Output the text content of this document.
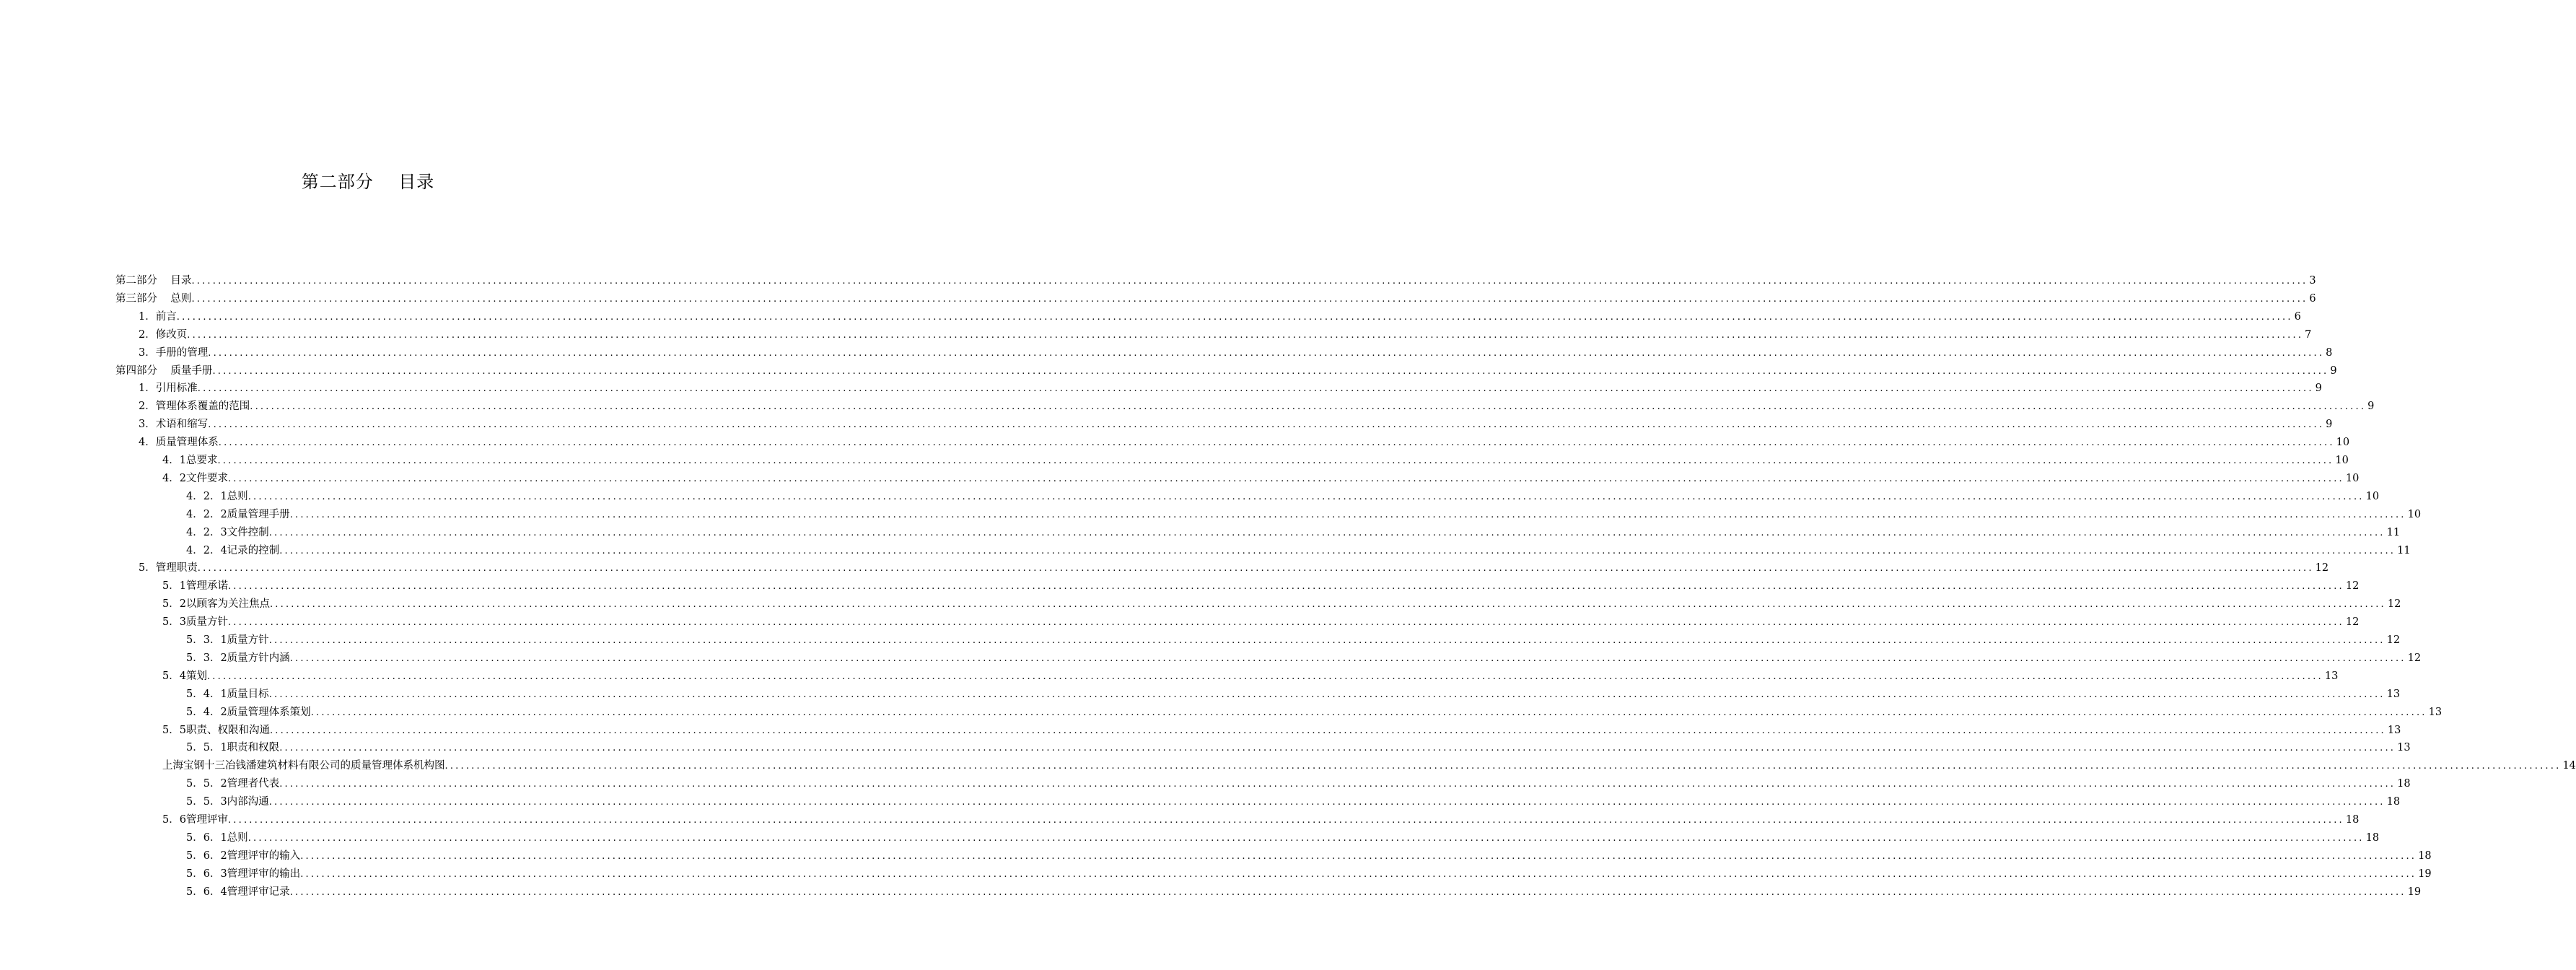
第二部分    目录
第二部分    目录 ................................................................................................................................................................................................................................................................................................................................................................................................................ 3
第三部分    总则 ................................................................................................................................................................................................................................................................................................................................................................................................................ 6
1．前言 ................................................................................................................................................................................................................................................................................................................................................................................................................ 6
2．修改页 ................................................................................................................................................................................................................................................................................................................................................................................................................ 7
3．手册的管理 ................................................................................................................................................................................................................................................................................................................................................................................................................ 8
第四部分    质量手册 ................................................................................................................................................................................................................................................................................................................................................................................................................ 9
1．引用标准 ................................................................................................................................................................................................................................................................................................................................................................................................................ 9
2．管理体系覆盖的范围 ................................................................................................................................................................................................................................................................................................................................................................................................................ 9
3．术语和缩写 ................................................................................................................................................................................................................................................................................................................................................................................................................ 9
4．质量管理体系 ................................................................................................................................................................................................................................................................................................................................................................................................................ 10
4．1总要求 ................................................................................................................................................................................................................................................................................................................................................................................................................ 10
4．2文件要求 ................................................................................................................................................................................................................................................................................................................................................................................................................ 10
4．2．1总则 ................................................................................................................................................................................................................................................................................................................................................................................................................ 10
4．2．2质量管理手册 ................................................................................................................................................................................................................................................................................................................................................................................................................ 10
4．2．3文件控制 ................................................................................................................................................................................................................................................................................................................................................................................................................ 11
4．2．4记录的控制 ................................................................................................................................................................................................................................................................................................................................................................................................................ 11
5．管理职责 ................................................................................................................................................................................................................................................................................................................................................................................................................ 12
5．1管理承诺 ................................................................................................................................................................................................................................................................................................................................................................................................................ 12
5．2以顾客为关注焦点 ................................................................................................................................................................................................................................................................................................................................................................................................................ 12
5．3质量方针 ................................................................................................................................................................................................................................................................................................................................................................................................................ 12
5．3．1质量方针 ................................................................................................................................................................................................................................................................................................................................................................................................................ 12
5．3．2质量方针内涵 ................................................................................................................................................................................................................................................................................................................................................................................................................ 12
5．4策划 ................................................................................................................................................................................................................................................................................................................................................................................................................ 13
5．4．1质量目标 ................................................................................................................................................................................................................................................................................................................................................................................................................ 13
5．4．2质量管理体系策划 ................................................................................................................................................................................................................................................................................................................................................................................................................ 13
5．5职责、权限和沟通 ................................................................................................................................................................................................................................................................................................................................................................................................................ 13
5．5．1职责和权限 ................................................................................................................................................................................................................................................................................................................................................................................................................ 13
上海宝钢十三冶钱潘建筑材料有限公司的质量管理体系机构图 ................................................................................................................................................................................................................................................................................................................................................................................................................ 14
5．5．2管理者代表 ................................................................................................................................................................................................................................................................................................................................................................................................................ 18
5．5．3内部沟通 ................................................................................................................................................................................................................................................................................................................................................................................................................ 18
5．6管理评审 ................................................................................................................................................................................................................................................................................................................................................................................................................ 18
5．6．1总则 ................................................................................................................................................................................................................................................................................................................................................................................................................ 18
5．6．2管理评审的输入 ................................................................................................................................................................................................................................................................................................................................................................................................................ 18
5．6．3管理评审的输出 ................................................................................................................................................................................................................................................................................................................................................................................................................ 19
5．6．4管理评审记录 ................................................................................................................................................................................................................................................................................................................................................................................................................ 19
